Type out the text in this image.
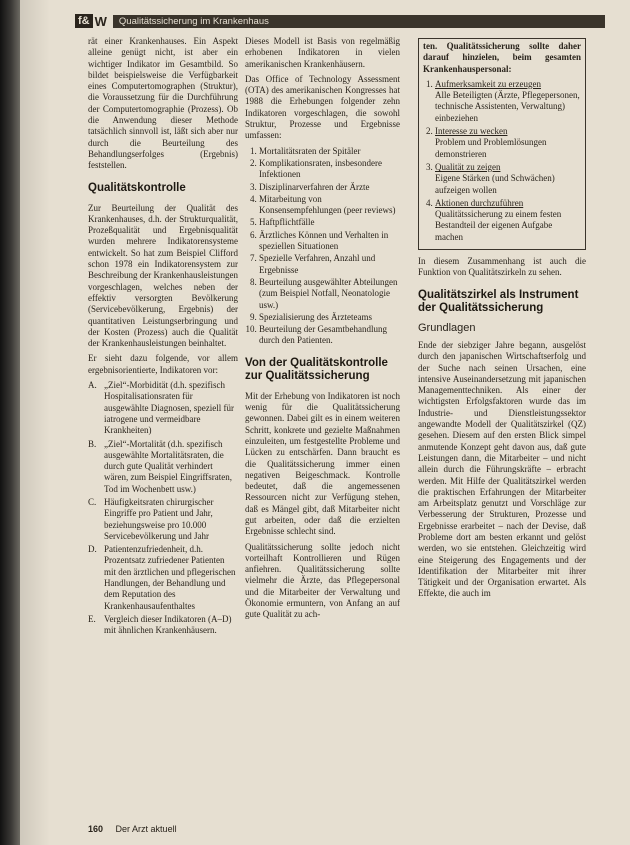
f& W	Qualitätssicherung im Krankenhaus

rät einer Krankenhauses. Ein Aspekt alleine genügt nicht, ist aber ein wichtiger Indikator im Gesamtbild. So bildet beispielsweise die Verfügbarkeit eines Computertomographen (Struktur), die Voraussetzung für die Durchführung der Computertomographie (Prozess). Ob die Anwendung dieser Methode tatsächlich sinnvoll ist, läßt sich aber nur durch die Beurteilung des Behandlungserfolges (Ergebnis) feststellen.

Qualitätskontrolle

Zur Beurteilung der Qualität des Krankenhauses, d.h. der Strukturqualität, Prozeßqualität und Ergebnisqualität wurden mehrere Indikatorensysteme entwickelt. So hat zum Beispiel Clifford schon 1978 ein Indikatorensystem zur Beschreibung der Krankenhausleistungen vorgeschlagen, welches neben der effektiv versorgten Bevölkerung (Servicebevölkerung, Ergebnis) der quantitativen Leistungserbringung und der Kosten (Prozess) auch die Qualität der Krankenhausleistungen beinhaltet.

Er sieht dazu folgende, vor allem ergebnisorientierte, Indikatoren vor:

A. „Ziel“-Morbidität (d.h. spezifisch Hospitalisationsraten für ausgewählte Diagnosen, speziell für iatrogene und vermeidbare Krankheiten)
B. „Ziel“-Mortalität (d.h. spezifisch ausgewählte Mortalitätsraten, die durch gute Qualität verhindert wären, zum Beispiel Eingriffsraten, Tod im Wochenbett usw.)
C. Häufigkeitsraten chirurgischer Eingriffe pro Patient und Jahr, beziehungsweise pro 10.000 Servicebevölkerung und Jahr
D. Patientenzufriedenheit, d.h. Prozentsatz zufriedener Patienten mit den ärztlichen und pflegerischen Handlungen, der Behandlung und dem Reputation des Krankenhausaufenthaltes
E. Vergleich dieser Indikatoren (A–D) mit ähnlichen Krankenhäusern.

Dieses Modell ist Basis von regelmäßig erhobenen Indikatoren in vielen amerikanischen Krankenhäusern.

Das Office of Technology Assessment (OTA) des amerikanischen Kongresses hat 1988 die Erhebungen folgender zehn Indikatoren vorgeschlagen, die sowohl Struktur, Prozesse und Ergebnisse umfassen:

1. Mortalitätsraten der Spitäler
2. Komplikationsraten, insbesondere Infektionen
3. Disziplinarverfahren der Ärzte
4. Mitarbeitung von Konsensempfehlungen (peer reviews)
5. Haftpflichtfälle
6. Ärztliches Können und Verhalten in speziellen Situationen
7. Spezielle Verfahren, Anzahl und Ergebnisse
8. Beurteilung ausgewählter Abteilungen (zum Beispiel Notfall, Neonatologie usw.)
9. Spezialisierung des Ärzteteams
10. Beurteilung der Gesamtbehandlung durch den Patienten.
Von der Qualitätskontrolle zur Qualitätssicherung

Mit der Erhebung von Indikatoren ist noch wenig für die Qualitätssicherung gewonnen. Dabei gilt es in einem weiteren Schritt, konkrete und gezielte Maßnahmen einzuleiten, um festgestellte Probleme und Lücken zu entschärfen. Dann braucht es die Qualitätssicherung immer einen negativen Beigeschmack. Kontrolle bedeutet, daß die angemessenen Ressourcen nicht zur Verfügung stehen, daß es Mängel gibt, daß Mitarbeiter nicht gut arbeiten, oder daß die erzielten Ergebnisse schlecht sind.

Qualitätssicherung sollte jedoch nicht vorteilhaft Kontrollieren und Rügen anfiehren. Qualitätssicherung sollte vielmehr die Ärzte, das Pflegepersonal und die Mitarbeiter der Verwaltung und Ökonomie ermuntern, von Anfang an auf gute Qualität zu ach-

ten. Qualitätssicherung sollte daher darauf hinzielen, beim gesamten Krankenhauspersonal:

1. Aufmerksamkeit zu erzeugen
Alle Beteiligten (Ärzte, Pflegepersonen, technische Assistenten, Verwaltung) einbeziehen
2. Interesse zu wecken
Problem und Problemlösungen demonstrieren
3. Qualität zu zeigen
Eigene Stärken (und Schwächen) aufzeigen wollen
4. Aktionen durchzuführen
Qualitätssicherung zu einem festen Bestandteil der eigenen Aufgabe machen

In diesem Zusammenhang ist auch die Funktion von Qualitätszirkeln zu sehen.

Qualitätszirkel als Instrument der Qualitätssicherung
Grundlagen

Ende der siebziger Jahre begann, ausgelöst durch den japanischen Wirtschaftserfolg und der Suche nach seinen Ursachen, eine intensive Auseinandersetzung mit japanischen Managementtechniken. Als einer der wichtigsten Erfolgsfaktoren wurde das im Industrie- und Dienstleistungssektor angewandte Modell der Qualitätszirkel (QZ) gesehen. Diesem auf den ersten Blick simpel anmutende Konzept geht davon aus, daß gute Leistungen dann, die Mitarbeiter – und nicht allein durch die Führungskräfte – erbracht werden. Mit Hilfe der Qualitätszirkel werden die praktischen Erfahrungen der Mitarbeiter am Arbeitsplatz genutzt und Vorschläge zur Verbesserung der Strukturen, Prozesse und Ergebnisse erarbeitet – nach der Devise, daß Probleme dort am besten erkannt und gelöst werden, wo sie entstehen. Gleichzeitig wird eine Steigerung des Engagements und der Identifikation der Mitarbeiter mit ihrer Tätigkeit und der Organisation erwartet. Als Effekte, die auch im

160 Der Arzt aktuell
